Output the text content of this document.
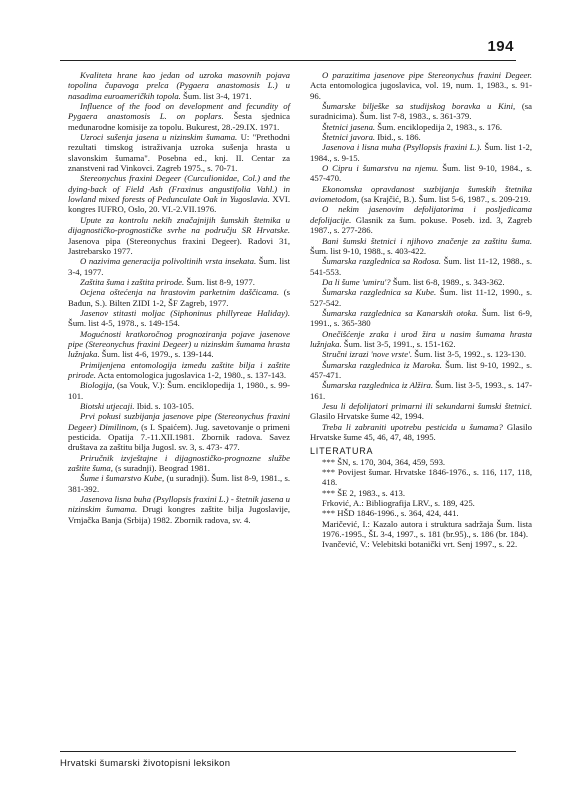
194

Kvaliteta hrane kao jedan od uzroka masovnih pojava topolina čupavoga prelca (Pygaera anastomosis L.) u nasadima euroameričkih topola. Šum. list 3-4, 1971.

Influence of the food on development and fecundity of Pygaera anastomosis L. on poplars. Šesta sjednica međunarodne komisije za topolu. Bukurest, 28.-29.IX. 1971.

Uzroci sušenja jasena u nizinskim šumama. U: "Prethodni rezultati timskog istraživanja uzroka sušenja hrasta u slavonskim šumama". Posebna ed., knj. II. Centar za znanstveni rad Vinkovci. Zagreb 1975., s. 70-71.

Stereonychus fraxini Degeer (Curculionidae, Col.) and the dying-back of Field Ash (Fraxinus angustifolia Vahl.) in lowland mixed forests of Pedunculate Oak in Yugoslavia. XVI. kongres IUFRO, Oslo, 20. VI.-2.VII.1976.

Upute za kontrolu nekih značajnijih šumskih štetnika u dijagnostičko-prognostičke svrhe na području SR Hrvatske. Jasenova pipa (Stereonychus fraxini Degeer). Radovi 31, Jastrebarsko 1977.

O nazivima generacija polivoltinih vrsta insekata. Šum. list 3-4, 1977.

Zaštita šuma i zaštita prirode. Šum. list 8-9, 1977.

Ocjena oštećenja na hrastovim parketnim daščicama. (s Bađun, S.). Bilten ZIDI 1-2, ŠF Zagreb, 1977.

Jasenov stitasti moljac (Siphoninus phillyreae Haliday). Šum. list 4-5, 1978., s. 149-154.

Mogućnosti kratkoročnog prognoziranja pojave jasenove pipe (Stereonychus fraxini Degeer) u nizinskim šumama hrasta lužnjaka. Šum. list 4-6, 1979., s. 139-144.

Primijenjena entomologija između zaštite bilja i zaštite prirode. Acta entomologica jugoslavica 1-2, 1980., s. 137-143.

Biologija, (sa Vouk, V.): Šum. enciklopedija 1, 1980., s. 99-101.

Biotski utjecaji. Ibid. s. 103-105.

Prvi pokusi suzbijanja jasenove pipe (Stereonychus fraxini Degeer) Dimilinom, (s I. Spaićem). Jug. savetovanje o primeni pesticida. Opatija 7.-11.XII.1981. Zbornik radova. Savez društava za zaštitu bilja Jugosl. sv. 3, s. 473- 477.

Priručnik izvještajne i dijagnostičko-prognozne službe zaštite šuma, (s suradnji). Beograd 1981.

Šume i šumarstvo Kube, (u suradnji). Šum. list 8-9, 1981., s. 381-392.

Jasenova lisna buha (Psyllopsis fraxini L.) - štetnik jasena u nizinskim šumama. Drugi kongres zaštite bilja Jugoslavije, Vrnjačka Banja (Srbija) 1982. Zbornik radova, sv. 4.

O parazitima jasenove pipe Stereonychus fraxini Degeer. Acta entomologica jugoslavica, vol. 19, num. 1, 1983., s. 91-96.

Šumarske bilješke sa studijskog boravka u Kini, (sa suradnicima). Šum. list 7-8, 1983., s. 361-379.

Štetnici jasena. Šum. enciklopedija 2, 1983., s. 176.

Štetnici javora. Ibid., s. 186.

Jasenova i lisna muha (Psyllopsis fraxini L.). Šum. list 1-2, 1984., s. 9-15.

O Cipru i šumarstvu na njemu. Šum. list 9-10, 1984., s. 457-470.

Ekonomska opravdanost suzbijanja šumskih štetnika aviometodom, (sa Krajčić, B.). Šum. list 5-6, 1987., s. 209-219.

O nekim jasenovim defolijatorima i posljedicama defolijacije. Glasnik za šum. pokuse. Poseb. izd. 3, Zagreb 1987., s. 277-286.

Bani šumski štetnici i njihovo značenje za zaštitu šuma. Šum. list 9-10, 1988., s. 403-422.

Šumarska razglednica sa Rodosa. Šum. list 11-12, 1988., s. 541-553.

Da li šume 'umiru'? Šum. list 6-8, 1989., s. 343-362.

Šumarska razglednica sa Kube. Šum. list 11-12, 1990., s. 527-542.

Šumarska razglednica sa Kanarskih otoka. Šum. list 6-9, 1991., s. 365-380

Onečišćenje zraka i urod žira u nasim šumama hrasta lužnjaka. Šum. list 3-5, 1991., s. 151-162.

Stručni izrazi 'nove vrste'. Šum. list 3-5, 1992., s. 123-130.

Šumarska razglednica iz Maroka. Šum. list 9-10, 1992., s. 457-471.

Šumarska razglednica iz Alžira. Šum. list 3-5, 1993., s. 147-161.

Jesu li defolijatori primarni ili sekundarni šumski štetnici. Glasilo Hrvatske šume 42, 1994.

Treba li zabraniti upotrebu pesticida u šumama? Glasilo Hrvatske šume 45, 46, 47, 48, 1995.

LITERATURA

*** ŠN, s. 170, 304, 364, 459, 593.

*** Povijest šumar. Hrvatske 1846-1976., s. 116, 117, 118, 418.

*** ŠE 2, 1983., s. 413.

Frković, A.: Bibliografija LRV., s. 189, 425.

*** HŠD 1846-1996., s. 364, 424, 441.

Maričević, I.: Kazalo autora i struktura sadržaja Šum. lista 1976.-1995., ŠL 3-4, 1997., s. 181 (br.95)., s. 186 (br. 184).

Ivančević, V.: Velebitski botanički vrt. Senj 1997., s. 22.

Hrvatski šumarski životopisni leksikon
